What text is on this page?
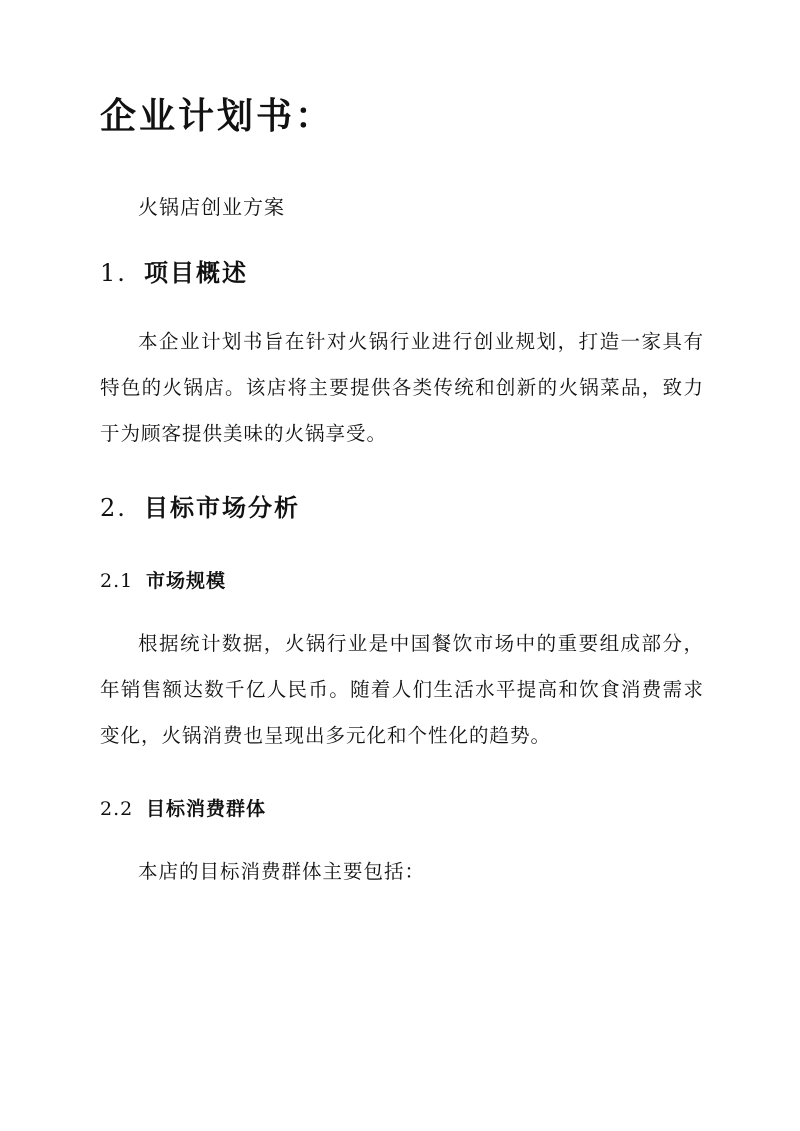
企业计划书：

火锅店创业方案

1. 项目概述

本企业计划书旨在针对火锅行业进行创业规划，打造一家具有特色的火锅店。该店将主要提供各类传统和创新的火锅菜品，致力于为顾客提供美味的火锅享受。

2. 目标市场分析
2.1 市场规模

根据统计数据，火锅行业是中国餐饮市场中的重要组成部分，年销售额达数千亿人民币。随着人们生活水平提高和饮食消费需求变化，火锅消费也呈现出多元化和个性化的趋势。

2.2 目标消费群体

本店的目标消费群体主要包括：
